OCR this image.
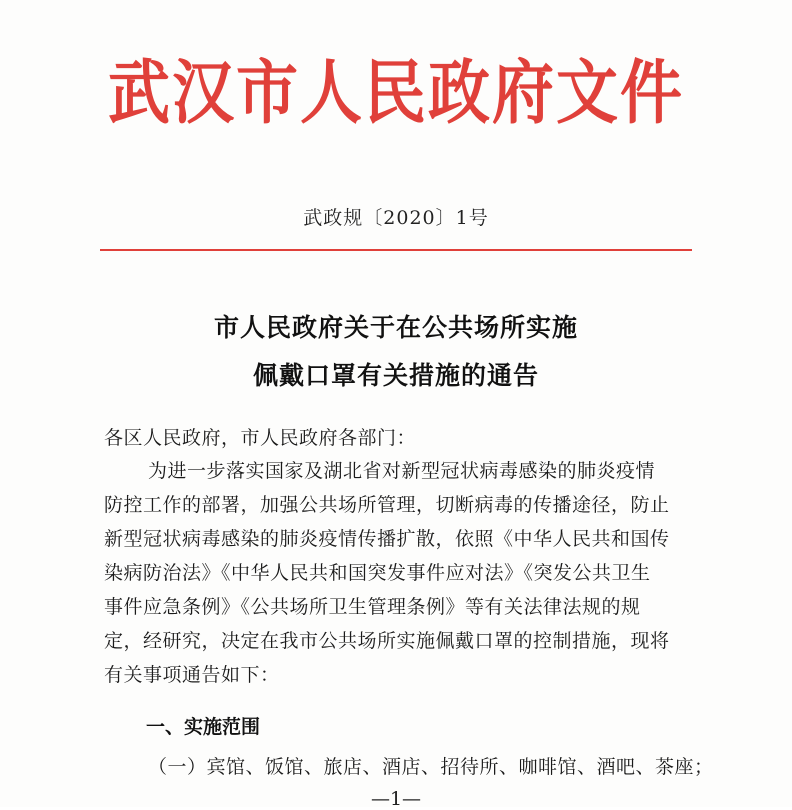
武汉市人民政府文件
武政规〔2020〕1号
市人民政府关于在公共场所实施
佩戴口罩有关措施的通告
各区人民政府，市人民政府各部门：
为进一步落实国家及湖北省对新型冠状病毒感染的肺炎疫情
防控工作的部署，加强公共场所管理，切断病毒的传播途径，防止
新型冠状病毒感染的肺炎疫情传播扩散，依照《中华人民共和国传
染病防治法》《中华人民共和国突发事件应对法》《突发公共卫生
事件应急条例》《公共场所卫生管理条例》等有关法律法规的规
定，经研究，决定在我市公共场所实施佩戴口罩的控制措施，现将
有关事项通告如下：
一、实施范围
（一）宾馆、饭馆、旅店、酒店、招待所、咖啡馆、酒吧、茶座；
—1—
